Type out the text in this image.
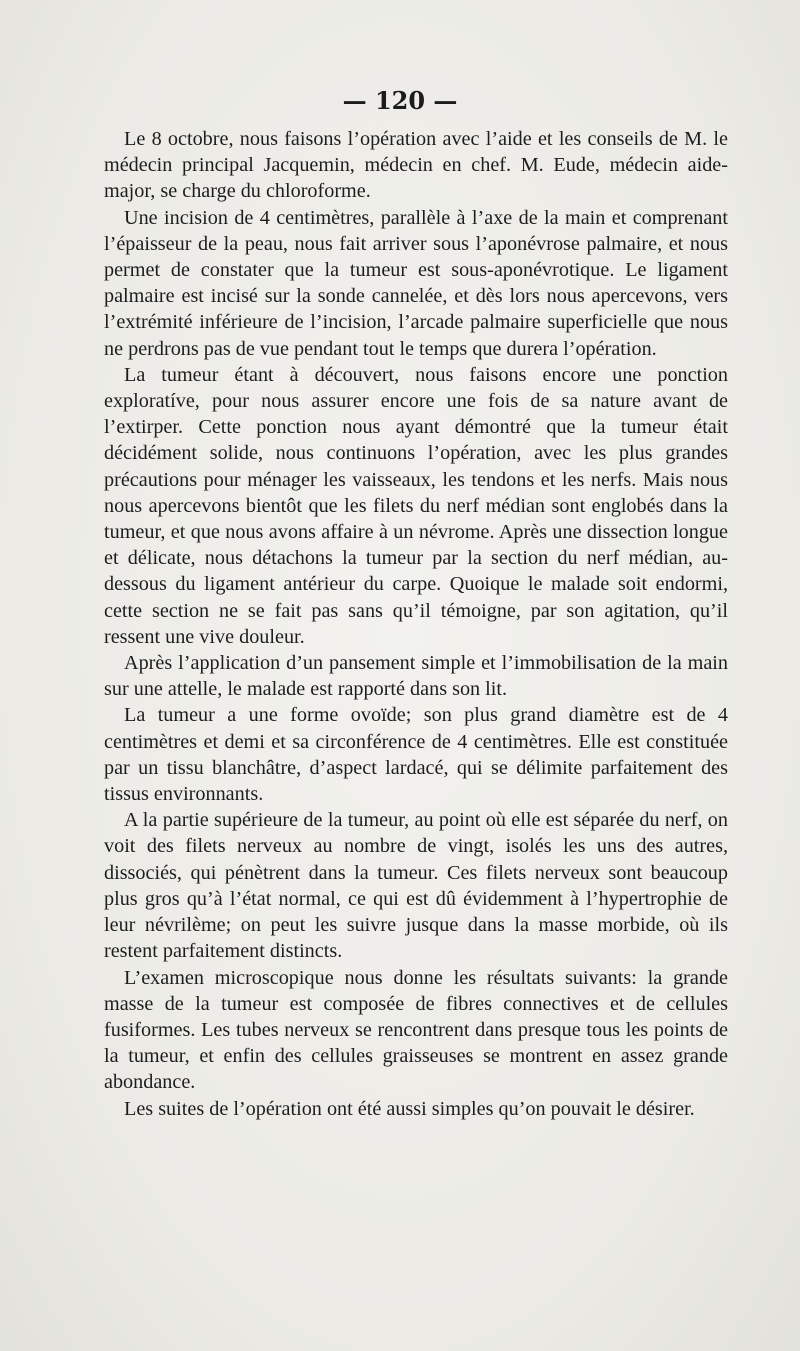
— 120 —

Le 8 octobre, nous faisons l’opération avec l’aide et les conseils de M. le médecin principal Jacquemin, médecin en chef. M. Eude, médecin aide-major, se charge du chloroforme.

Une incision de 4 centimètres, parallèle à l’axe de la main et comprenant l’épaisseur de la peau, nous fait arriver sous l’aponévrose palmaire, et nous permet de constater que la tumeur est sous-aponévrotique. Le ligament palmaire est incisé sur la sonde cannelée, et dès lors nous apercevons, vers l’extrémité inférieure de l’incision, l’arcade palmaire superficielle que nous ne perdrons pas de vue pendant tout le temps que durera l’opération.

La tumeur étant à découvert, nous faisons encore une ponction exploratíve, pour nous assurer encore une fois de sa nature avant de l’extirper. Cette ponction nous ayant démontré que la tumeur était décidément solide, nous continuons l’opération, avec les plus grandes précautions pour ménager les vaisseaux, les tendons et les nerfs. Mais nous nous apercevons bientôt que les filets du nerf médian sont englobés dans la tumeur, et que nous avons affaire à un névrome. Après une dissection longue et délicate, nous détachons la tumeur par la section du nerf médian, au-dessous du ligament antérieur du carpe. Quoique le malade soit endormi, cette section ne se fait pas sans qu’il témoigne, par son agitation, qu’il ressent une vive douleur.

Après l’application d’un pansement simple et l’immobilisation de la main sur une attelle, le malade est rapporté dans son lit.

La tumeur a une forme ovoïde; son plus grand diamètre est de 4 centimètres et demi et sa circonférence de 4 centimètres. Elle est constituée par un tissu blanchâtre, d’aspect lardacé, qui se délimite parfaitement des tissus environnants.

A la partie supérieure de la tumeur, au point où elle est séparée du nerf, on voit des filets nerveux au nombre de vingt, isolés les uns des autres, dissociés, qui pénètrent dans la tumeur. Ces filets nerveux sont beaucoup plus gros qu’à l’état normal, ce qui est dû évidemment à l’hypertrophie de leur névrilème; on peut les suivre jusque dans la masse morbide, où ils restent parfaitement distincts.

L’examen microscopique nous donne les résultats suivants: la grande masse de la tumeur est composée de fibres connectives et de cellules fusiformes. Les tubes nerveux se rencontrent dans presque tous les points de la tumeur, et enfin des cellules graisseuses se montrent en assez grande abondance.

Les suites de l’opération ont été aussi simples qu’on pouvait le désirer.
